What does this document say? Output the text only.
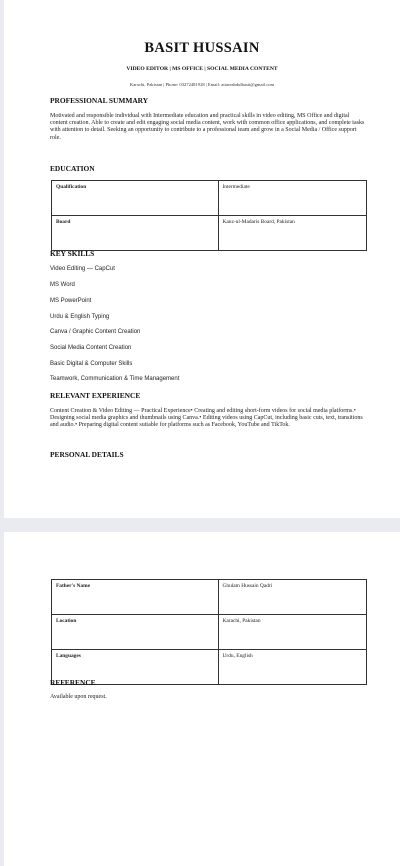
BASIT HUSSAIN
VIDEO EDITOR | MS OFFICE | SOCIAL MEDIA CONTENT
Karachi, Pakistan | Phone: 03272481928 | Email: attareabdulbasit@gmail.com
PROFESSIONAL SUMMARY

Motivated and responsible individual with Intermediate education and practical skills in video editing, MS Office and digital content creation. Able to create and edit engaging social media content, work with common office applications, and complete tasks with attention to detail. Seeking an opportunity to contribute to a professional team and grow in a Social Media / Office support role.

EDUCATION
Qualification	Intermediate
Board	Kanz-ul-Madaris Board, Pakistan
KEY SKILLS
Video Editing — CapCut
MS Word
MS PowerPoint
Urdu & English Typing
Canva / Graphic Content Creation
Social Media Content Creation
Basic Digital & Computer Skills
Teamwork, Communication & Time Management
RELEVANT EXPERIENCE

Content Creation & Video Editing — Practical Experience• Creating and editing short-form videos for social media platforms.• Designing social media graphics and thumbnails using Canva.• Editing videos using CapCut, including basic cuts, text, transitions and audio.• Preparing digital content suitable for platforms such as Facebook, YouTube and TikTok.

PERSONAL DETAILS
Father's Name	Ghulam Hussain Qadri
Location	Karachi, Pakistan
Languages	Urdu, English
REFERENCE

Available upon request.
